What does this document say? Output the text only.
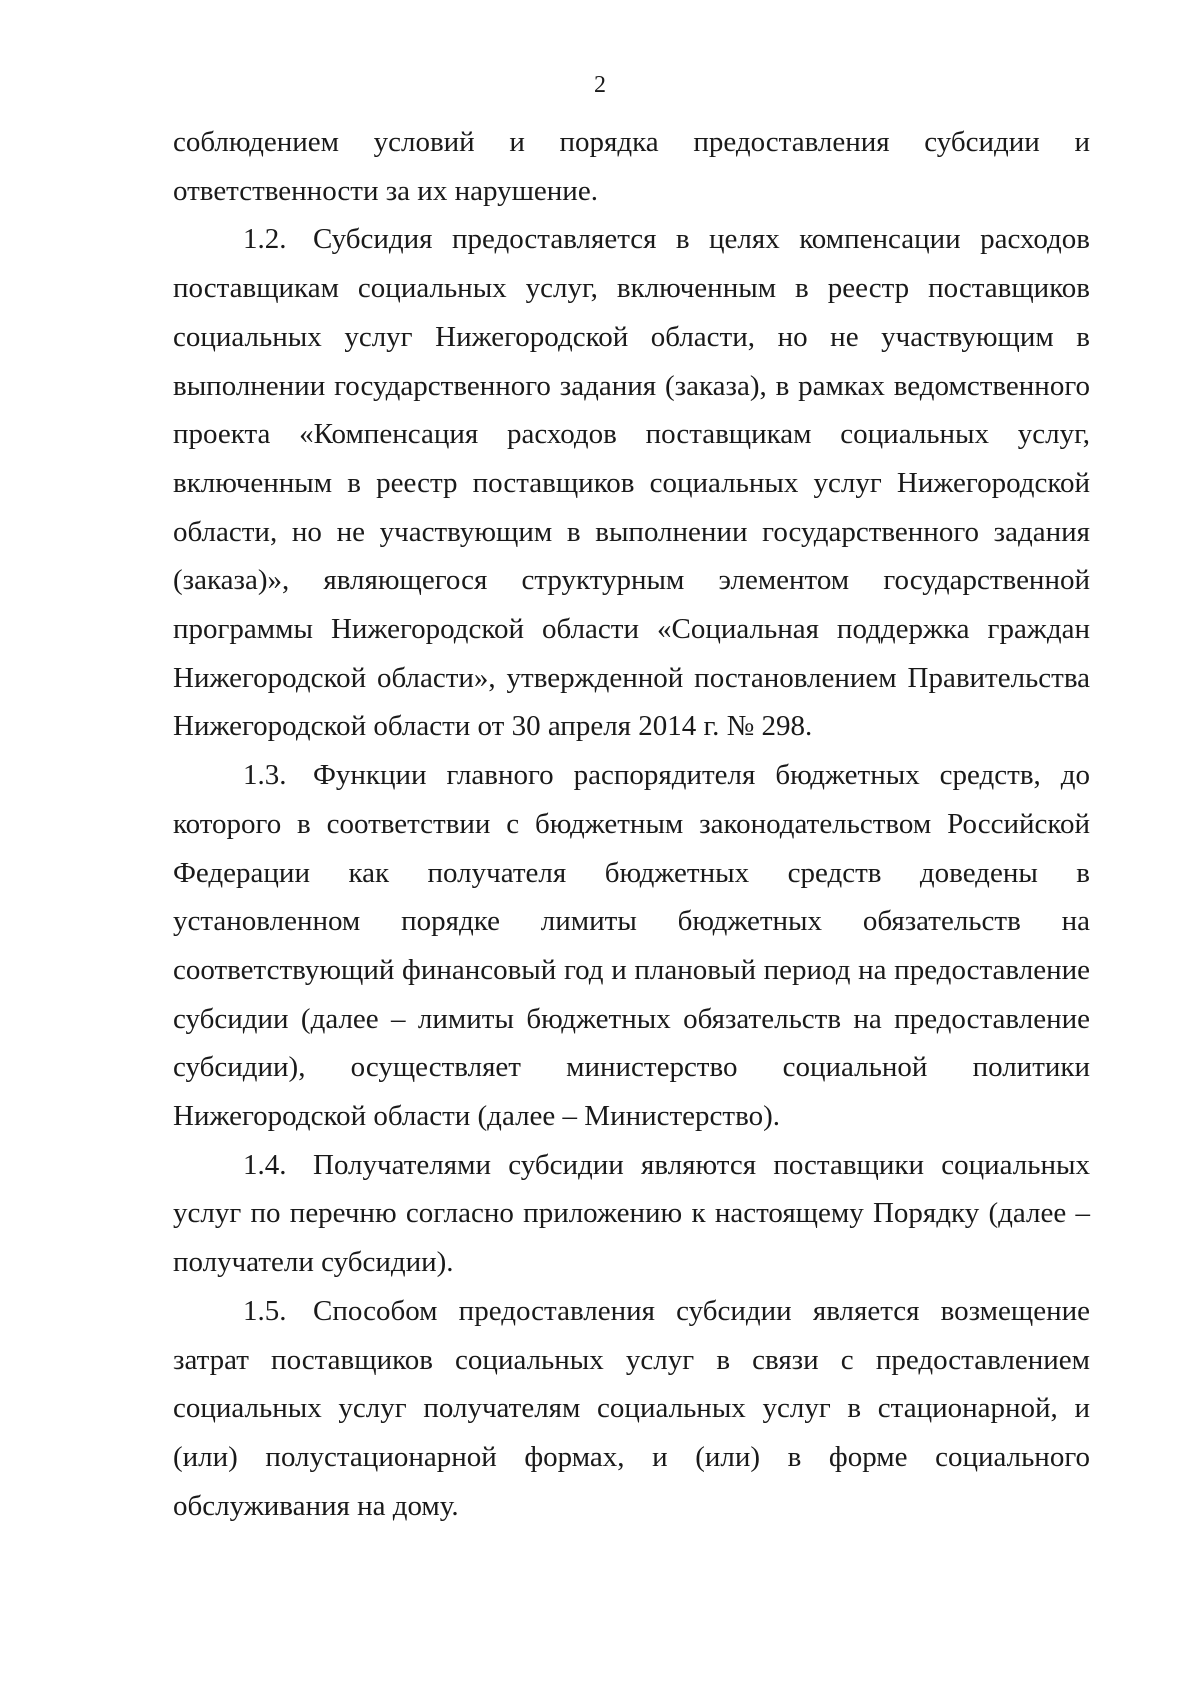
2

соблюдением условий и порядка предоставления субсидии и ответственности за их нарушение.

1.2. Субсидия предоставляется в целях компенсации расходов поставщикам социальных услуг, включенным в реестр поставщиков социальных услуг Нижегородской области, но не участвующим в выполнении государственного задания (заказа), в рамках ведомственного проекта «Компенсация расходов поставщикам социальных услуг, включенным в реестр поставщиков социальных услуг Нижегородской области, но не участвующим в выполнении государственного задания (заказа)», являющегося структурным элементом государственной программы Нижегородской области «Социальная поддержка граждан Нижегородской области», утвержденной постановлением Правительства Нижегородской области от 30 апреля 2014 г. № 298.

1.3. Функции главного распорядителя бюджетных средств, до которого в соответствии с бюджетным законодательством Российской Федерации как получателя бюджетных средств доведены в установленном порядке лимиты бюджетных обязательств на соответствующий финансовый год и плановый период на предоставление субсидии (далее – лимиты бюджетных обязательств на предоставление субсидии), осуществляет министерство социальной политики Нижегородской области (далее – Министерство).

1.4. Получателями субсидии являются поставщики социальных услуг по перечню согласно приложению к настоящему Порядку (далее – получатели субсидии).

1.5. Способом предоставления субсидии является возмещение затрат поставщиков социальных услуг в связи с предоставлением социальных услуг получателям социальных услуг в стационарной, и (или) полустационарной формах, и (или) в форме социального обслуживания на дому.
